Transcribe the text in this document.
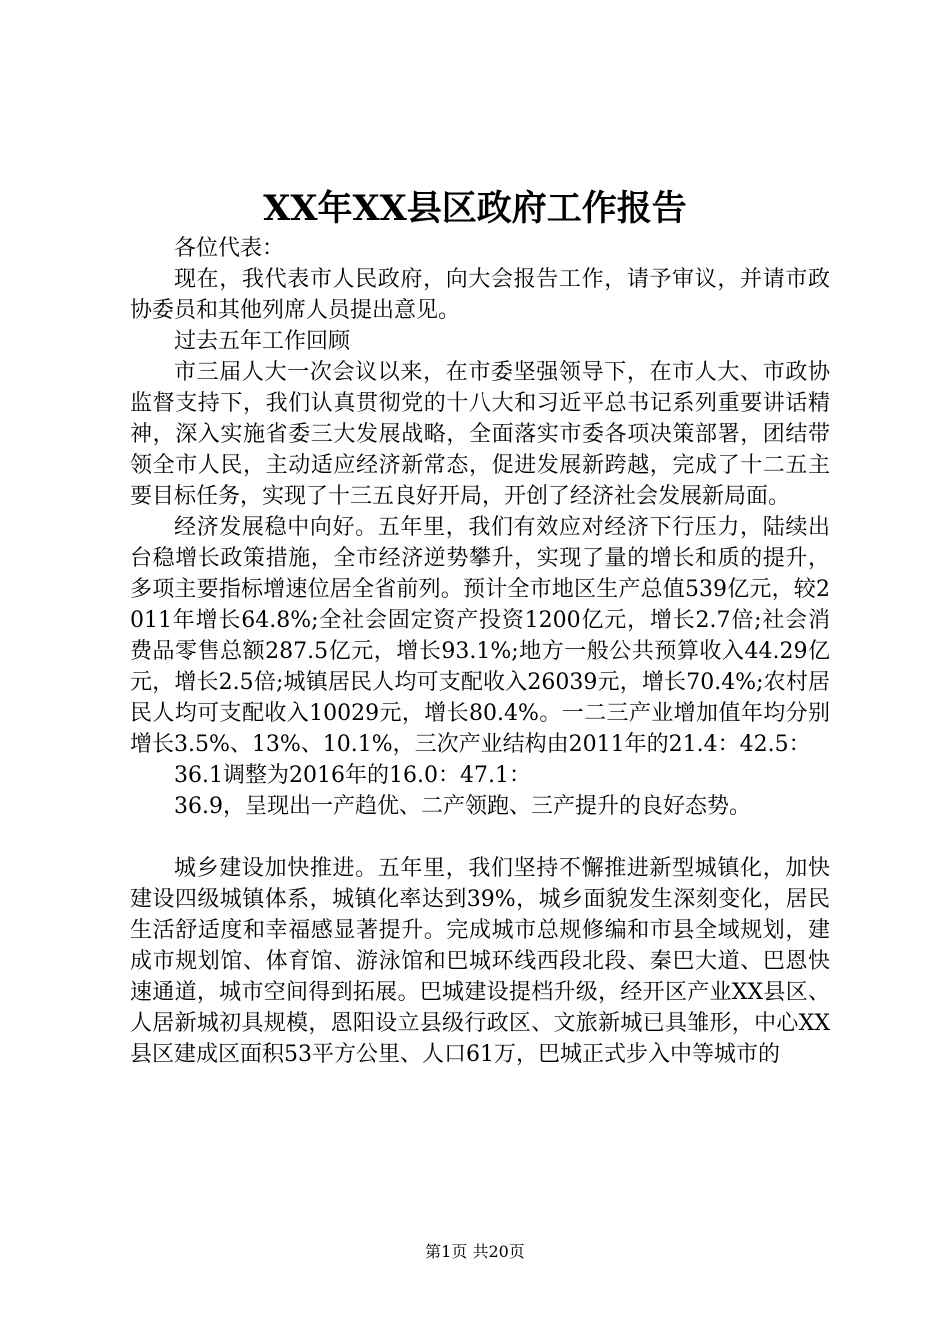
XX年XX县区政府工作报告

各位代表：

现在，我代表市人民政府，向大会报告工作，请予审议，并请市政协委员和其他列席人员提出意见。

过去五年工作回顾

市三届人大一次会议以来，在市委坚强领导下，在市人大、市政协监督支持下，我们认真贯彻党的十八大和习近平总书记系列重要讲话精神，深入实施省委三大发展战略，全面落实市委各项决策部署，团结带领全市人民，主动适应经济新常态，促进发展新跨越，完成了十二五主要目标任务，实现了十三五良好开局，开创了经济社会发展新局面。

经济发展稳中向好。五年里，我们有效应对经济下行压力，陆续出台稳增长政策措施，全市经济逆势攀升，实现了量的增长和质的提升，多项主要指标增速位居全省前列。预计全市地区生产总值539亿元，较2011年增长64.8%;全社会固定资产投资1200亿元，增长2.7倍;社会消费品零售总额287.5亿元，增长93.1%;地方一般公共预算收入44.29亿元，增长2.5倍;城镇居民人均可支配收入26039元，增长70.4%;农村居民人均可支配收入10029元，增长80.4%。一二三产业增加值年均分别增长3.5%、13%、10.1%，三次产业结构由2011年的21.4：42.5：

36.1调整为2016年的16.0：47.1：

36.9，呈现出一产趋优、二产领跑、三产提升的良好态势。

城乡建设加快推进。五年里，我们坚持不懈推进新型城镇化，加快建设四级城镇体系，城镇化率达到39%，城乡面貌发生深刻变化，居民生活舒适度和幸福感显著提升。完成城市总规修编和市县全域规划，建成市规划馆、体育馆、游泳馆和巴城环线西段北段、秦巴大道、巴恩快速通道，城市空间得到拓展。巴城建设提档升级，经开区产业XX县区、人居新城初具规模，恩阳设立县级行政区、文旅新城已具雏形，中心XX县区建成区面积53平方公里、人口61万，巴城正式步入中等城市的

第1页 共20页
